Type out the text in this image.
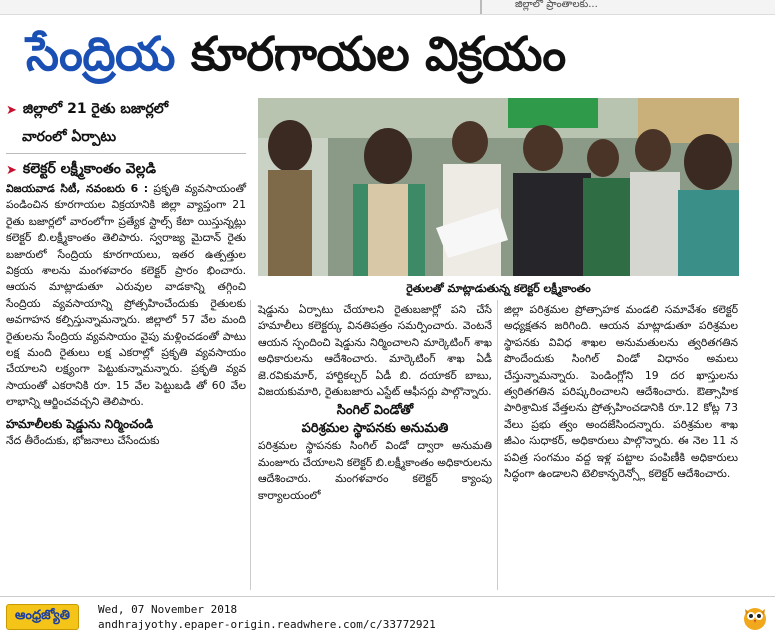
జిల్లాలో ప్రాంతాలకు...
సేంద్రియ కూరగాయల విక్రయం
➤ జిల్లాలో 21 రైతు బజార్లలో
వారంలో ఏర్పాటు
➤ కలెక్టర్ లక్ష్మీకాంతం వెల్లడి
రైతులతో మాట్లాడుతున్న కలెక్టర్ లక్ష్మీకాంతం
విజయవాడ సిటీ, నవంబరు 6 : ప్రకృతి వ్యవసాయంతో పండించిన కూరగాయల విక్రయానికి జిల్లా వ్యాప్తంగా 21 రైతు బజార్లలో వారంలోగా ప్రత్యేక స్టాల్స్ కేటా యిస్తున్నట్లు కలెక్టర్ బి.లక్ష్మీకాంతం తెలిపారు. స్వరాజ్య మైదాన్ రైతు బజారులో సేంద్రియ కూరగాయలు, ఇతర ఉత్పత్తుల విక్రయ శాలను మంగళవారం కలెక్టర్ ప్రారం భించారు. ఆయన మాట్లాడుతూ ఎరువుల వాడకాన్ని తగ్గించి సేంద్రియ వ్యవసాయాన్ని ప్రోత్సహించేందుకు రైతులకు అవగాహన కల్పిస్తున్నామన్నారు. జిల్లాలో 57 వేల మంది రైతులను సేంద్రియ వ్యవసాయం వైపు మళ్లించడంతో పాటు లక్ష మంది రైతులు లక్ష ఎకరాల్లో ప్రకృతి వ్యవసాయం చేయాలని లక్ష్యంగా పెట్టుకున్నామన్నారు. ప్రకృతి వ్యవ సాయంతో ఎకరానికి రూ. 15 వేల పెట్టుబడి తో 60 వేల లాభాన్ని ఆర్జించవచ్చని తెలిపారు.
హమాలీలకు షెడ్డును నిర్మించండి
నేద తీరేందుకు, భోజనాలు చేసేందుకు
షెడ్డును ఏర్పాటు చేయాలని రైతుబజార్లో పని చేసే హమాలీలు కలెక్టర్కు వినతిపత్రం సమర్పించారు. వెంటనే ఆయన స్పందించి షెడ్డును నిర్మించాలని మార్కెటింగ్ శాఖ అధికారులను ఆదేశించారు. మార్కెటింగ్ శాఖ ఏడీ జె.రవికుమార్, హార్టికల్చర్ ఏడీ బి. దయాకర్ బాబు, విజయకుమారి, రైతుబజారు ఎస్టేట్ ఆఫీసర్లు పాల్గొన్నారు.
సింగిల్ విండోతో
పరిశ్రమల స్థాపనకు అనుమతి
పరిశ్రమల స్థాపనకు సింగిల్ విండో ద్వారా అనుమతి మంజూరు చేయాలని కలెక్టర్ బి.లక్ష్మీకాంతం అధికారులను ఆదేశించారు. మంగళవారం కలెక్టర్ క్యాంపు కార్యాలయంలో
జిల్లా పరిశ్రమల ప్రోత్సాహక మండలి సమావేశం కలెక్టర్ అధ్యక్షతన జరిగింది. ఆయన మాట్లాడుతూ పరిశ్రమల స్థాపనకు వివిధ శాఖల అనుమతులను త్వరితగతిన పొందేందుకు సింగిల్ విండో విధానం అమలు చేస్తున్నామన్నారు. పెండింగ్లోని 19 దర ఖాస్తులను త్వరితగతిన పరిష్కరించాలని ఆదేశించారు. ఔత్సాహిక పారిశ్రామిక వేత్తలను ప్రోత్సహించడానికి రూ.12 కోట్ల 73 వేలు ప్రభు త్వం అందజేసిందన్నారు. పరిశ్రమల శాఖ జీఎం సుధాకర్, అధికారులు పాల్గొన్నారు. ఈ నెల 11 న పవిత్ర సంగమం వద్ద ఇళ్ల పట్టాల పంపిణీకి అధికారులు సిద్ధంగా ఉండాలని టెలికాన్ఫరెన్స్లో కలెక్టర్ ఆదేశించారు.
ఆంధ్రజ్యోతి	Wed, 07 November 2018
andhrajyothy.epaper-origin.readwhere.com/c/33772921
